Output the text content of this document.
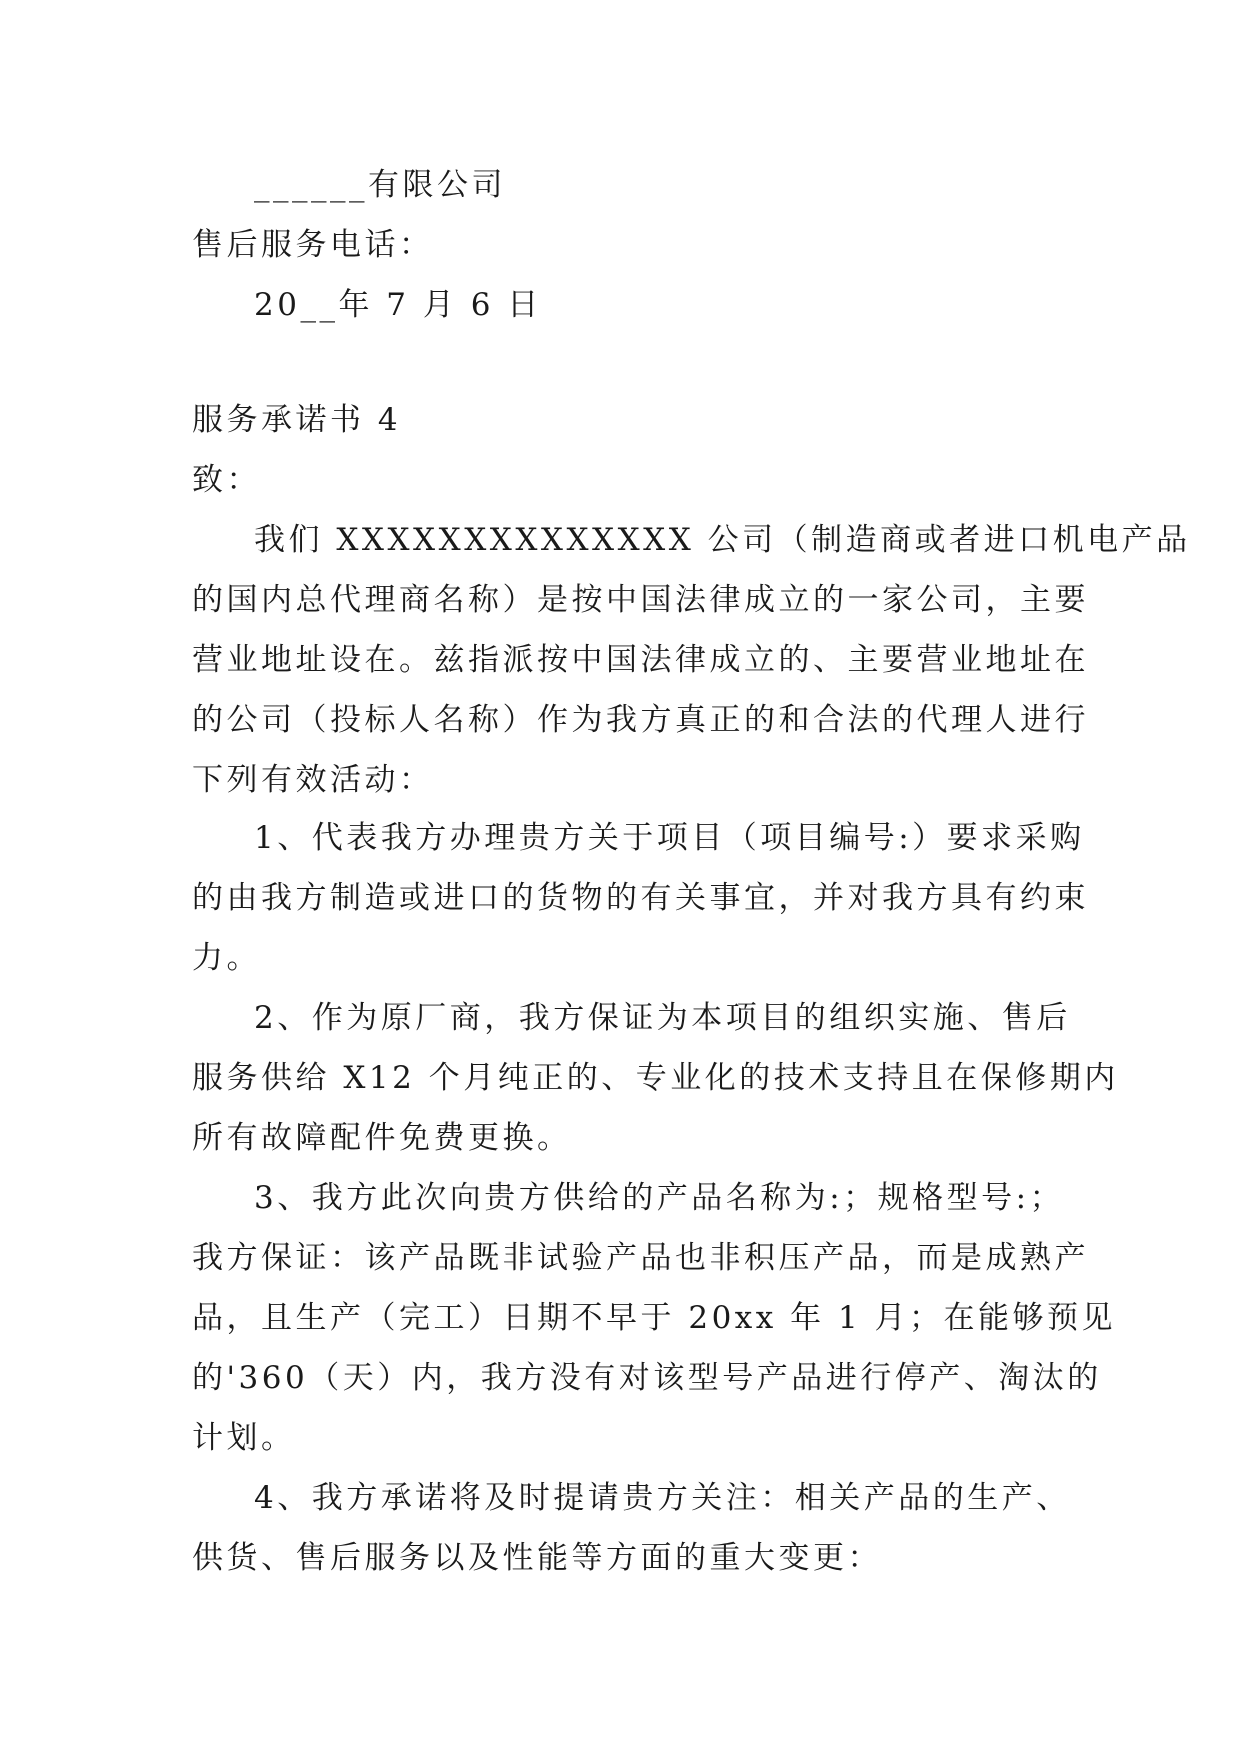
______有限公司
售后服务电话：
20__年 7 月 6 日
服务承诺书 4
致：
我们 XXXXXXXXXXXXXX 公司（制造商或者进口机电产品
的国内总代理商名称）是按中国法律成立的一家公司，主要
营业地址设在。兹指派按中国法律成立的、主要营业地址在
的公司（投标人名称）作为我方真正的和合法的代理人进行
下列有效活动：
1、代表我方办理贵方关于项目（项目编号:）要求采购
的由我方制造或进口的货物的有关事宜，并对我方具有约束
力。
2、作为原厂商，我方保证为本项目的组织实施、售后
服务供给 X12 个月纯正的、专业化的技术支持且在保修期内
所有故障配件免费更换。
3、我方此次向贵方供给的产品名称为:；规格型号:；
我方保证：该产品既非试验产品也非积压产品，而是成熟产
品，且生产（完工）日期不早于 20xx 年 1 月；在能够预见
的'360（天）内，我方没有对该型号产品进行停产、淘汰的
计划。
4、我方承诺将及时提请贵方关注：相关产品的生产、
供货、售后服务以及性能等方面的重大变更：
